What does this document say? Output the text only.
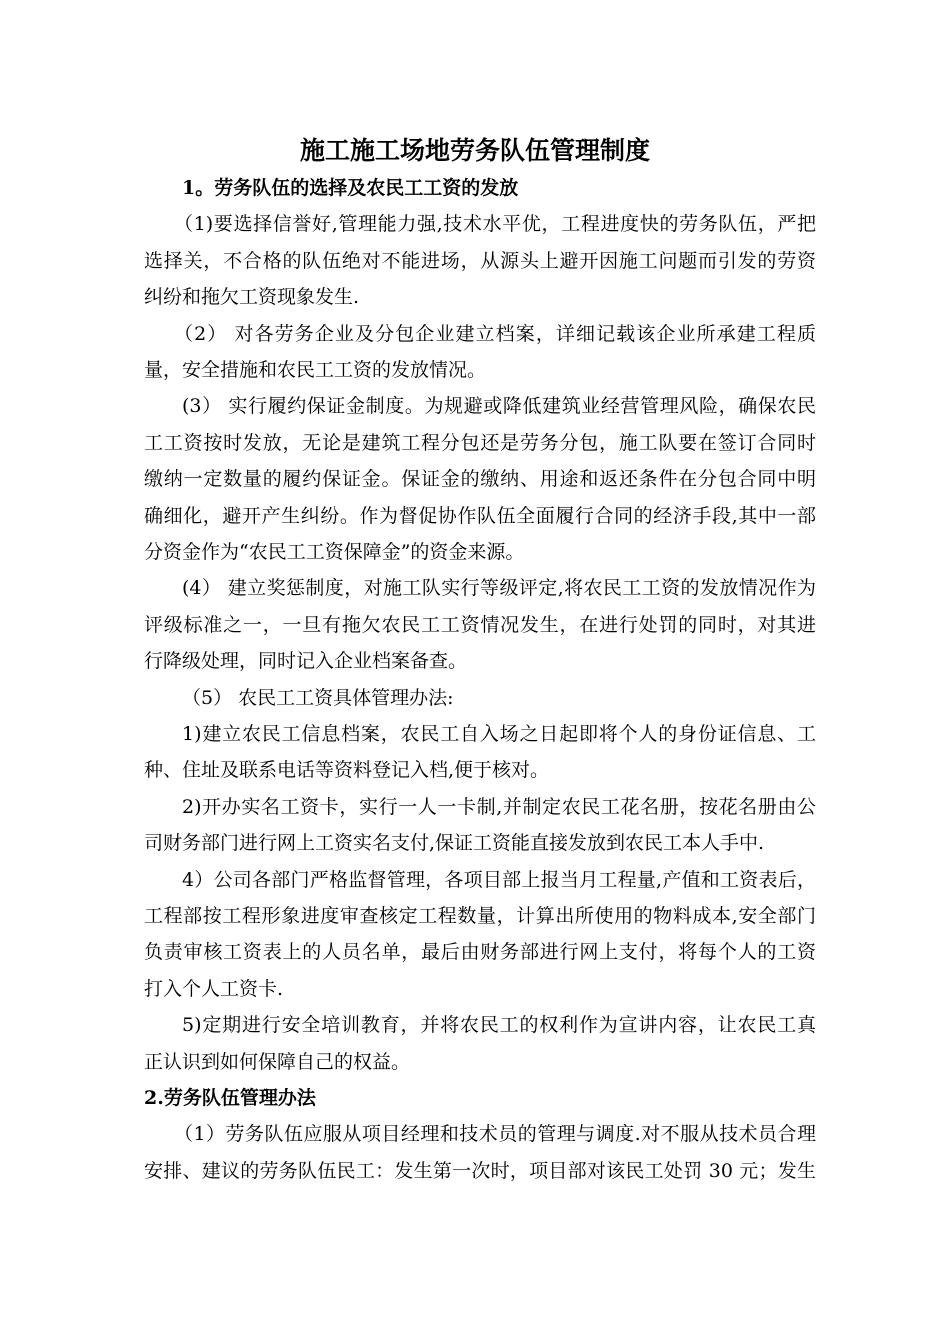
施工施工场地劳务队伍管理制度

1。劳务队伍的选择及农民工工资的发放

（1)要选择信誉好,管理能力强,技术水平优，工程进度快的劳务队伍，严把

选择关，不合格的队伍绝对不能进场，从源头上避开因施工问题而引发的劳资

纠纷和拖欠工资现象发生.

（2） 对各劳务企业及分包企业建立档案，详细记载该企业所承建工程质

量，安全措施和农民工工资的发放情况。

(3） 实行履约保证金制度。为规避或降低建筑业经营管理风险，确保农民

工工资按时发放，无论是建筑工程分包还是劳务分包，施工队要在签订合同时

缴纳一定数量的履约保证金。保证金的缴纳、用途和返还条件在分包合同中明

确细化，避开产生纠纷。作为督促协作队伍全面履行合同的经济手段,其中一部

分资金作为“农民工工资保障金”的资金来源。

(4） 建立奖惩制度，对施工队实行等级评定,将农民工工资的发放情况作为

评级标准之一，一旦有拖欠农民工工资情况发生，在进行处罚的同时，对其进

行降级处理，同时记入企业档案备查。

（5） 农民工工资具体管理办法:

1)建立农民工信息档案，农民工自入场之日起即将个人的身份证信息、工

种、住址及联系电话等资料登记入档,便于核对。

2)开办实名工资卡，实行一人一卡制,并制定农民工花名册，按花名册由公

司财务部门进行网上工资实名支付,保证工资能直接发放到农民工本人手中.

4）公司各部门严格监督管理，各项目部上报当月工程量,产值和工资表后，

工程部按工程形象进度审查核定工程数量，计算出所使用的物料成本,安全部门

负责审核工资表上的人员名单，最后由财务部进行网上支付，将每个人的工资

打入个人工资卡.

5)定期进行安全培训教育，并将农民工的权利作为宣讲内容，让农民工真

正认识到如何保障自己的权益。

2.劳务队伍管理办法

（1）劳务队伍应服从项目经理和技术员的管理与调度.对不服从技术员合理

安排、建议的劳务队伍民工：发生第一次时，项目部对该民工处罚 30 元；发生
